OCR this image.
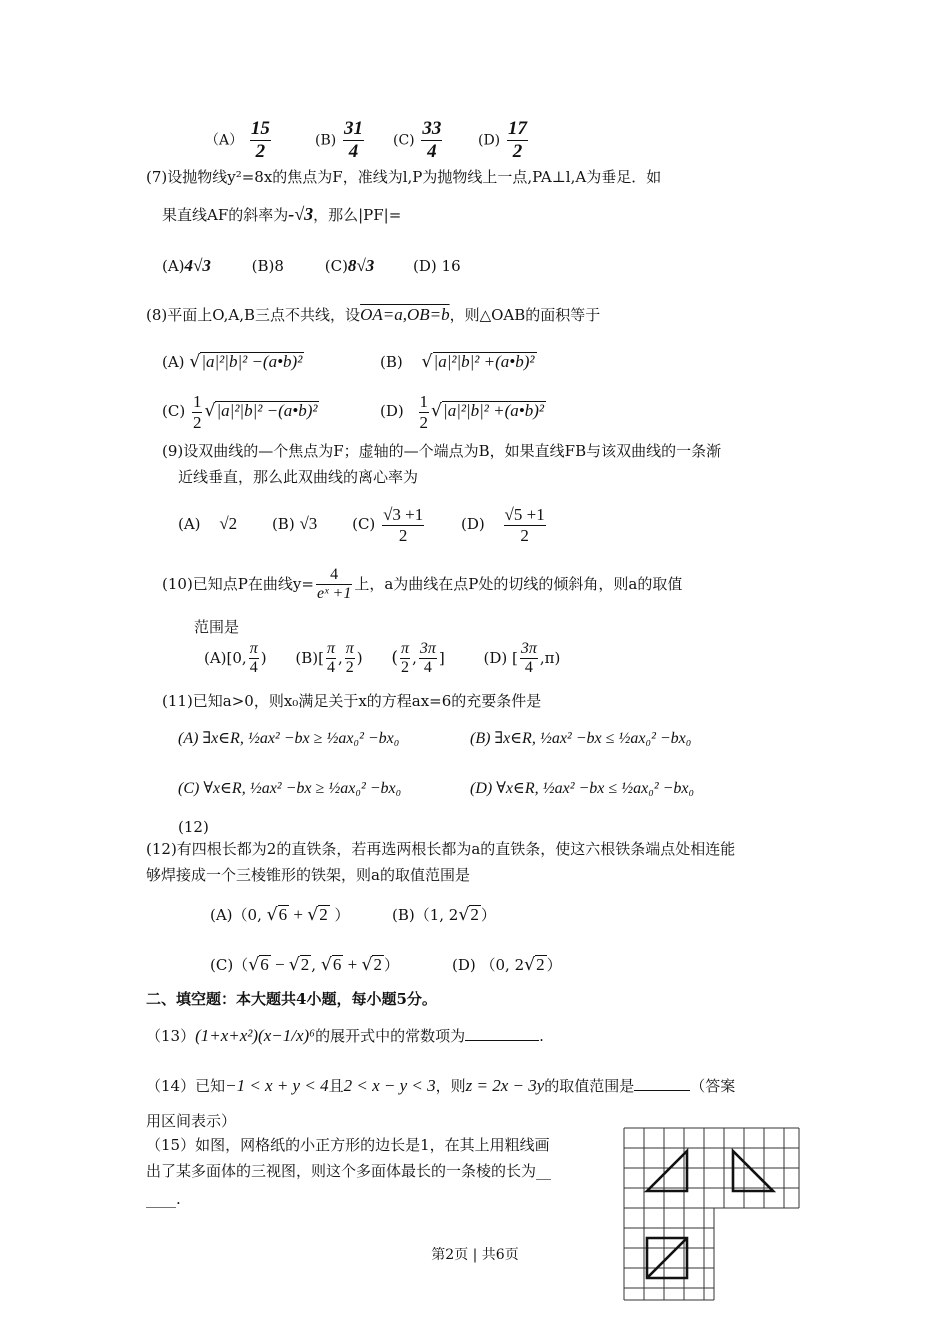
$(A) \frac{15}{2}$	$(B) \frac{31}{4} (C) \frac{33}{4}$	$(D) \frac{17}{2}$
(7)设抛物线y²=8x的焦点为F，准线为l,P为抛物线上一点,PA⊥l,A为垂足．如
果直线AF的斜率为-√3，那么|PF|=
(A)4√3	(B)8	(C)8√3	(D) 16
(8)平面上O,A,B三点不共线，设OA=a,OB=b，则△OAB的面积等于
(A) √|a|²|b|² −(a•b)²	(B) √|a|²|b|² +(a•b)²
$(C) \frac{1}{2} √|a|^2|b|^2$ −(a•b)²	$(D) \frac{1}{2} √|a|^2|b|^2$ +(a•b)²
(9)设双曲线的—个焦点为F；虚轴的—个端点为B，如果直线FB与该双曲线的一条渐
近线垂直，那么此双曲线的离心率为
(A) √2 (B) √3 $(C) \frac{√3 +1}{2} (D) \frac{√5 +1}{2}$
(10)已知点P在曲线$y= \frac{4}{\text{eˣ +1}}$ 上，a为曲线在点P处的切线的倾斜角，则a的取值
范围是
(A)[0, $\frac{\pi}{4}$ ) $(B)[ \frac{\pi}{4}$ , $\frac{\pi}{2}$ ) ( $\frac{\pi}{2}$ , $\frac{3\pi}{4}$ ]	(D) [ $\frac{3\pi}{4} ,\pi$)
(11)已知a>0，则x₀满足关于x的方程ax=6的充要条件是
(A) ∃x∈R, ½ax² −bx ≥ ½ax₀² −bx₀	(B) ∃x∈R, ½ax² −bx ≤ ½ax₀² −bx₀
(C) ∀x∈R, ½ax² −bx ≥ ½ax₀² −bx₀	(D) ∀x∈R, ½ax² −bx ≤ ½ax₀² −bx₀
(12)
(12)有四根长都为2的直铁条，若再选两根长都为a的直铁条，使这六根铁条端点处相连能
够焊接成一个三棱锥形的铁架，则a的取值范围是
(A)（0, √6 + √2 ）	(B)（1, 2√2 ）
(C)（√6 − √2 , √6 + √2 ）	(D) （0, 2√2 ）
二、填空题：本大题共4小题，每小题5分。
（13）(1+x+x²)(x−1/x)⁶的展开式中的常数项为	.
（14）已知−1 < x + y < 4且2 < x − y < 3，则z = 2x − 3y的取值范围是	（答案
用区间表示）
（15）如图，网格纸的小正方形的边长是1，在其上用粗线画
出了某多面体的三视图，则这个多面体最长的一条棱的长为__
____.
第2页 | 共6页
